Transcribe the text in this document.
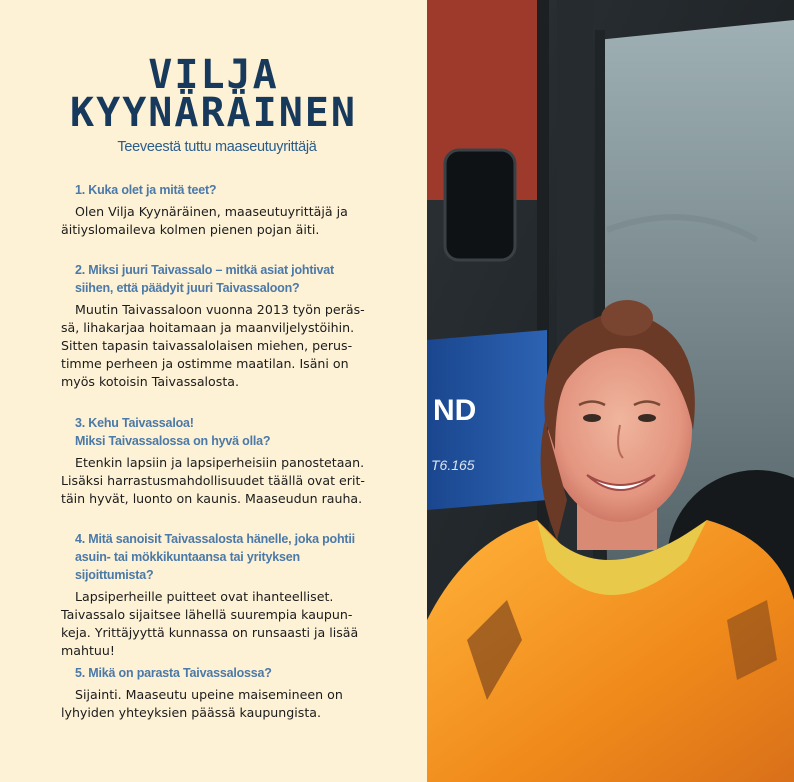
VILJA
KYYNÄRÄINEN
Teeveestä tuttu maaseutuyrittäjä
1. Kuka olet ja mitä teet?
Olen Vilja Kyynäräinen, maaseutuyrittäjä ja
äitiyslomaileva kolmen pienen pojan äiti.
2. Miksi juuri Taivassalo – mitkä asiat johtivat
siihen, että päädyit juuri Taivassaloon?
Muutin Taivassaloon vuonna 2013 työn peräs-
sä, lihakarjaa hoitamaan ja maanviljelystöihin.
Sitten tapasin taivassalolaisen miehen, perus-
timme perheen ja ostimme maatilan. Isäni on
myös kotoisin Taivassalosta.
3. Kehu Taivassaloa!
Miksi Taivassalossa on hyvä olla?
Etenkin lapsiin ja lapsiperheisiin panostetaan.
Lisäksi harrastusmahdollisuudet täällä ovat erit-
täin hyvät, luonto on kaunis. Maaseudun rauha.
4. Mitä sanoisit Taivassalosta hänelle, joka pohtii
asuin- tai mökkikuntaansa tai yrityksen sijoittumista?
Lapsiperheille puitteet ovat ihanteelliset.
Taivassalo sijaitsee lähellä suurempia kaupun-
keja. Yrittäjyyttä kunnassa on runsaasti ja lisää
mahtuu!
5. Mikä on parasta Taivassalossa?
Sijainti. Maaseutu upeine maisemineen on
lyhyiden yhteyksien päässä kaupungista.
ND
T6.165
